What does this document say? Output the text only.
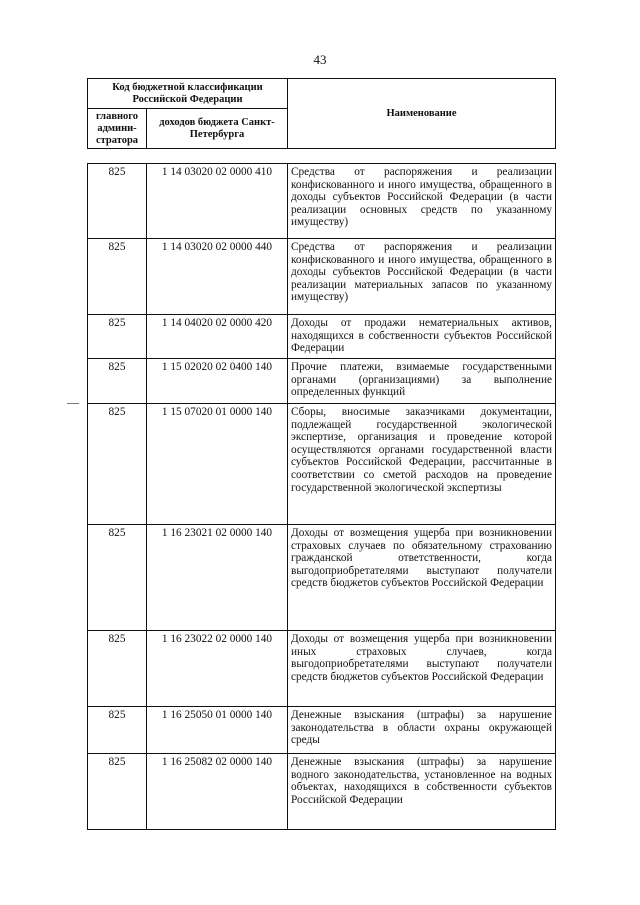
43
Код бюджетной классификации Российской Федерации		Наименование
главного админи-стратора	доходов бюджета Санкт-Петербурга	
825	1 14 03020 02 0000 410	Средства от распоряжения и реализации конфискованного и иного имущества, обращенного в доходы субъектов Российской Федерации (в части реализации основных средств по указанному имуществу)
825	1 14 03020 02 0000 440	Средства от распоряжения и реализации конфискованного и иного имущества, обращенного в доходы субъектов Российской Федерации (в части реализации материальных запасов по указанному имуществу)
825	1 14 04020 02 0000 420	Доходы от продажи нематериальных активов, находящихся в собственности субъектов Российской Федерации
825	1 15 02020 02 0400 140	Прочие платежи, взимаемые государственными органами (организациями) за выполнение определенных функций
825	1 15 07020 01 0000 140	Сборы, вносимые заказчиками документации, подлежащей государственной экологической экспертизе, организация и проведение которой осуществляются органами государственной власти субъектов Российской Федерации, рассчитанные в соответствии со сметой расходов на проведение государственной экологической экспертизы
825	1 16 23021 02 0000 140	Доходы от возмещения ущерба при возникновении страховых случаев по обязательному страхованию гражданской ответственности, когда выгодоприобретателями выступают получатели средств бюджетов субъектов Российской Федерации
825	1 16 23022 02 0000 140	Доходы от возмещения ущерба при возникновении иных страховых случаев, когда выгодоприобретателями выступают получатели средств бюджетов субъектов Российской Федерации
825	1 16 25050 01 0000 140	Денежные взыскания (штрафы) за нарушение законодательства в области охраны окружающей среды
825	1 16 25082 02 0000 140	Денежные взыскания (штрафы) за нарушение водного законодательства, установленное на водных объектах, находящихся в собственности субъектов Российской Федерации
